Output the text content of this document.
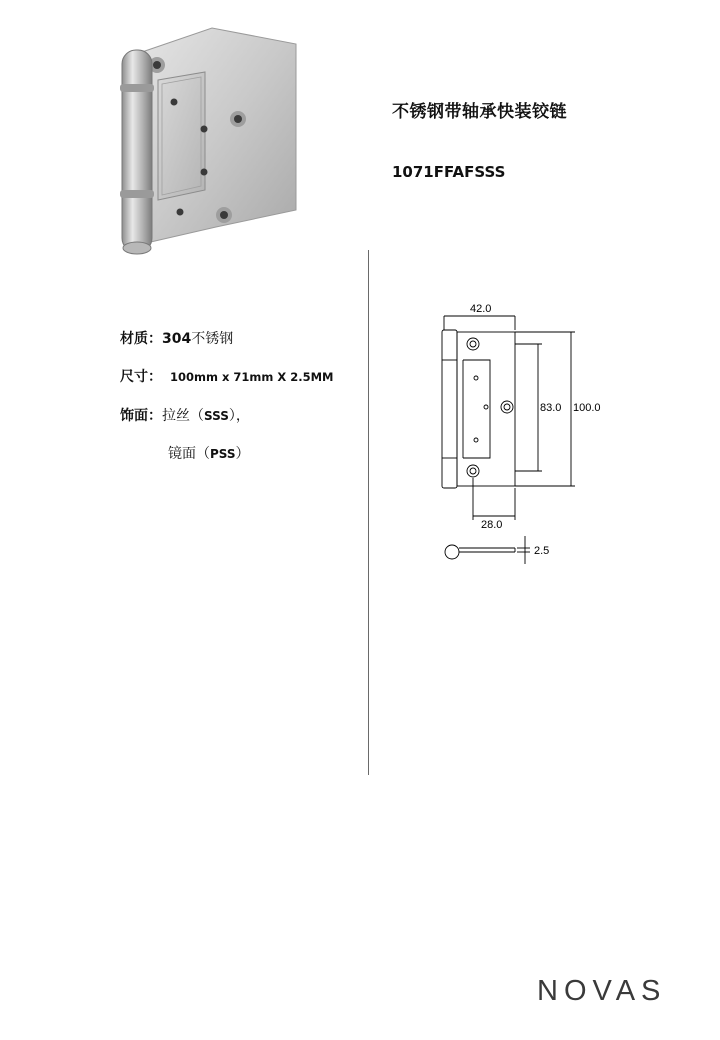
不锈钢带轴承快装铰链
1071FFAFSSS
材质：304不锈钢
尺寸： 100mm x 71mm X 2.5MM
饰面：拉丝（SSS），
镜面（PSS）
42.0
83.0 100.0
28.0
2.5
NOVAS
